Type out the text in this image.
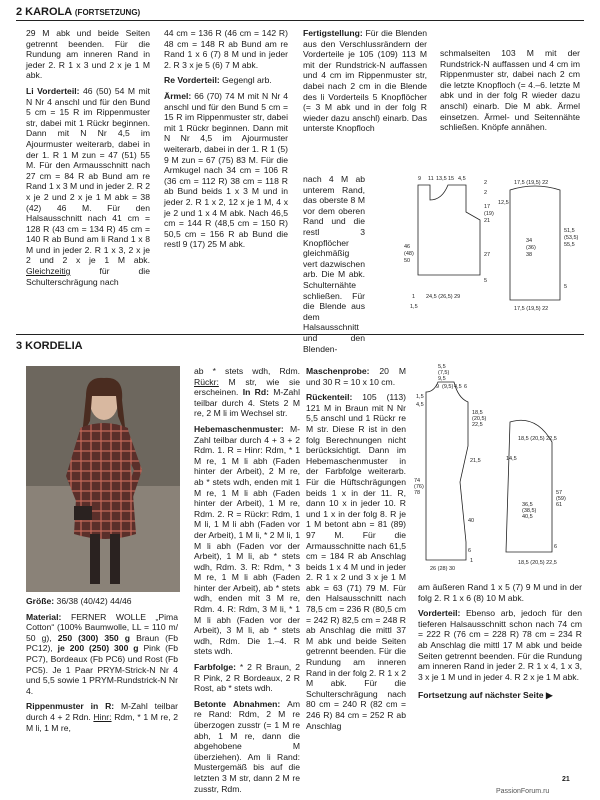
2 KAROLA (FORTSETZUNG)

29 M abk und beide Seiten getrennt beenden. Für die Rundung am inneren Rand in jeder 2. R 1 x 3 und 2 x je 1 M abk.

Li Vorderteil: 46 (50) 54 M mit N Nr 4 anschl und für den Bund 5 cm = 15 R im Rippenmuster str, dabei mit 1 Rückr beginnen. Dann mit N Nr 4,5 im Ajourmuster weiterarb, dabei in der 1. R 1 M zun = 47 (51) 55 M. Für den Armausschnitt nach 27 cm = 84 R ab Bund am re Rand 1 x 3 M und in jeder 2. R 2 x je 2 und 2 x je 1 M abk = 38 (42) 46 M. Für den Halsausschnitt nach 41 cm = 128 R (43 cm = 134 R) 45 cm = 140 R ab Bund am li Rand 1 x 8 M und in jeder 2. R 1 x 3, 2 x je 2 und 2 x je 1 M abk. Gleichzeitig für die Schulterschrägung nach

44 cm = 136 R (46 cm = 142 R) 48 cm = 148 R ab Bund am re Rand 1 x 6 (7) 8 M und in jeder 2. R 3 x je 5 (6) 7 M abk.

Re Vorderteil: Gegengl arb.

Ärmel: 66 (70) 74 M mit N Nr 4 anschl und für den Bund 5 cm = 15 R im Rippenmuster str, dabei mit 1 Rückr beginnen. Dann mit N Nr 4,5 im Ajourmuster weiterarb, dabei in der 1. R 1 (5) 9 M zun = 67 (75) 83 M. Für die Armkugel nach 34 cm = 106 R (36 cm = 112 R) 38 cm = 118 R ab Bund beids 1 x 3 M und in jeder 2. R 1 x 2, 12 x je 1 M, 4 x je 2 und 1 x 4 M abk. Nach 46,5 cm = 144 R (48,5 cm = 150 R) 50,5 cm = 156 R ab Bund die restl 9 (17) 25 M abk.

Fertigstellung: Für die Blenden aus den Verschlussrändern der Vorderteile je 105 (109) 113 M mit der Rundstrick-N auffassen und 4 cm im Rippenmuster str, dabei nach 2 cm in die Blende des li Vorderteils 5 Knopflöcher (= 3 M abk und in der folg R wieder dazu anschl) einarb. Das unterste Knopfloch

nach 4 M ab unterem Rand, das oberste 8 M vor dem oberen Rand und die restl 3 Knopflöcher gleichmäßig vert dazwischen arb. Die M abk. Schulternähte schließen. Für die Blende aus dem Halsausschnitt und den Blenden-

schmalseiten 103 M mit der Rundstrick-N auffassen und 4 cm im Rippenmuster str, dabei nach 2 cm die letzte Knopfloch (= 4.–6. letzte M abk und in der folg R wieder dazu anschl) einarb. Die M abk. Ärmel einsetzen. Ärmel- und Seitennähte schließen. Knöpfe annähen.

9 11 13,5 15 4,5
2
2
17
(19)
21
46
(48)
50
27
5
24,5 (26,5) 29
1
1,5
17,5 (19,5) 22
12,5
51,5
(53,5)
55,5
34
(36)
38
5
17,5 (19,5) 22
3 KORDELIA

Größe: 36/38 (40/42) 44/46

Material: FERNER WOLLE „Pima Cotton“ (100% Baumwolle, LL = 110 m/ 50 g), 250 (300) 350 g Braun (Fb PC12), je 200 (250) 300 g Pink (Fb PC7), Bordeaux (Fb PC6) und Rost (Fb PC5). Je 1 Paar PRYM-Strick-N Nr 4 und 5,5 sowie 1 PRYM-Rundstrick-N Nr 4.

Rippenmuster in R: M-Zahl teilbar durch 4 + 2 Rdn. Hinr: Rdm, * 1 M re, 2 M li, 1 M re,

ab * stets wdh, Rdm. Rückr: M str, wie sie erscheinen. In Rd: M-Zahl teilbar durch 4. Stets 2 M re, 2 M li im Wechsel str.

Hebemaschenmuster: M-Zahl teilbar durch 4 + 3 + 2 Rdm. 1. R = Hinr: Rdm, * 1 M re, 1 M li abh (Faden hinter der Arbeit), 2 M re, ab * stets wdh, enden mit 1 M re, 1 M li abh (Faden hinter der Arbeit), 1 M re, Rdm. 2. R = Rückr: Rdm, 1 M li, 1 M li abh (Faden vor der Arbeit), 1 M li, * 2 M li, 1 M li abh (Faden vor der Arbeit), 1 M li, ab * stets wdh, Rdm. 3. R: Rdm, * 3 M re, 1 M li abh (Faden hinter der Arbeit), ab * stets wdh, enden mit 3 M re, Rdm. 4. R: Rdm, 3 M li, * 1 M li abh (Faden vor der Arbeit), 3 M li, ab * stets wdh, Rdm. Die 1.–4. R stets wdh.

Farbfolge: * 2 R Braun, 2 R Pink, 2 R Bordeaux, 2 R Rost, ab * stets wdh.

Betonte Abnahmen: Am re Rand: Rdm, 2 M re überzogen zusstr (= 1 M re abh, 1 M re, dann die abgehobene M überziehen). Am li Rand: Mustergemäß bis auf die letzten 3 M str, dann 2 M re zusstr, Rdm.

Maschenprobe: 20 M und 30 R = 10 x 10 cm.

Rückenteil: 105 (113) 121 M in Braun mit N Nr 5,5 anschl und 1 Rückr re M str. Diese R ist in den folg Berechnungen nicht berücksichtigt. Dann im Hebemaschenmuster in der Farbfolge weiterarb. Für die Hüftschrägungen beids 1 x in der 11. R, dann 10 x in jeder 10. R und 1 x in der folg 8. R je 1 M betont abn = 81 (89) 97 M. Für die Armausschnitte nach 61,5 cm = 184 R ab Anschlag beids 1 x 4 M und in jeder 2. R 1 x 2 und 3 x je 1 M abk = 63 (71) 79 M. Für den Halsausschnitt nach 78,5 cm = 236 R (80,5 cm = 242 R) 82,5 cm = 248 R ab Anschlag die mittl 37 M abk und beide Seiten getrennt beenden. Für die Rundung am inneren Rand in der folg 2. R 1 x 2 M abk. Für die Schulterschrägung nach 80 cm = 240 R (82 cm = 246 R) 84 cm = 252 R ab Anschlag

am äußeren Rand 1 x 5 (7) 9 M und in der folg 2. R 1 x 6 (8) 10 M abk.

Vorderteil: Ebenso arb, jedoch für den tieferen Halsausschnitt schon nach 74 cm = 222 R (76 cm = 228 R) 78 cm = 234 R ab Anschlag die mittl 17 M abk und beide Seiten getrennt beenden. Für die Rundung am inneren Rand in jeder 2. R 1 x 4, 1 x 3, 3 x je 1 M und in jeder 4. R 2 x je 1 M abk.

Fortsetzung auf nächster Seite ▶

5,5
(7,5)
9,5
9 (9,5) 4,5 6
4,5
1,5
18,5
(20,5)
22,5
21,5
74
(76)
78
40
26 (28) 30
6
1
18,5 (20,5) 22,5
14,5
36,5
(38,5)
40,5
57
(59)
61
6
18,5 (20,5) 22,5
21
PassionForum.ru
